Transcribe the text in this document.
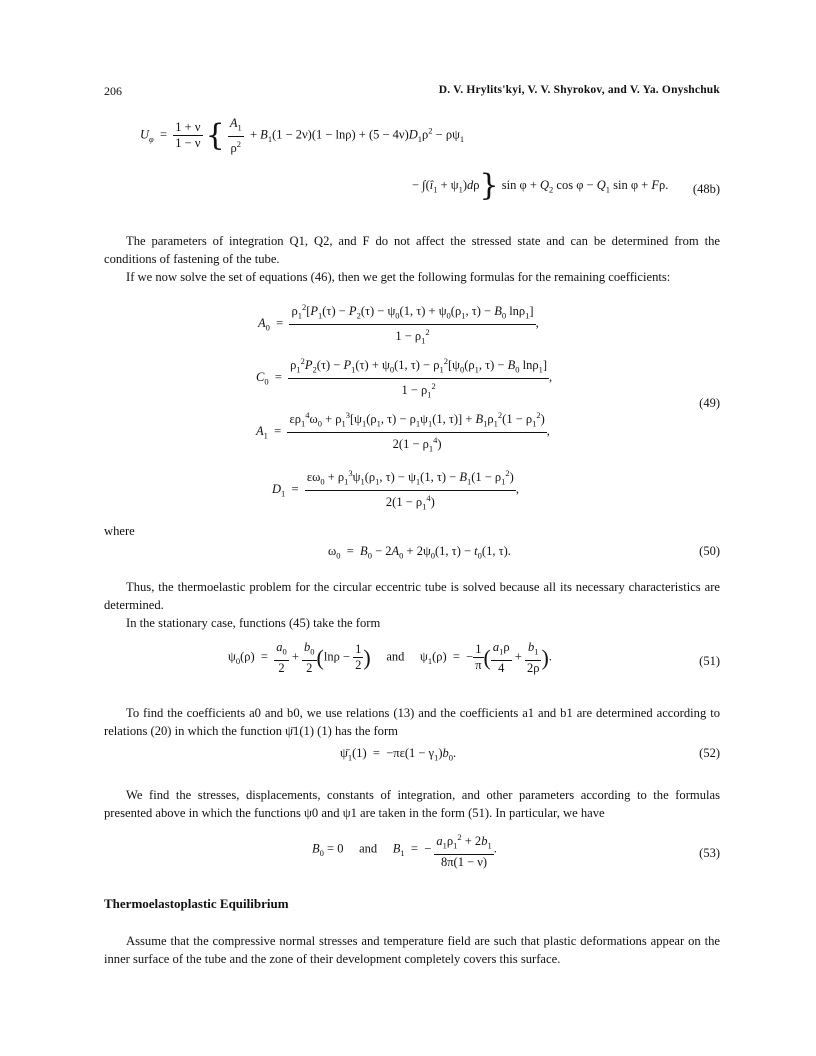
206	D. V. Hrylits'kyi, V. V. Shyrokov, and V. Ya. Onyshchuk
$U_\varphi = \frac{1 + \nu}{1 - \nu}$ { $\frac{A_1}{\rho^2} + B_1(1 - 2\nu)(1 - \ln\rho) + (5 - 4\nu)D_1\rho^2 - \rho\psi_1$
− $\int(î_1 + \psi_1)d\rho$} $\sin \varphi + Q_2$ $\cos \varphi - Q_1$ sin φ + Fρ. (48b)
The parameters of integration Q1, Q2, and F do not affect the stressed state and can be determined from the conditions of fastening of the tube.
If we now solve the set of equations (46), then we get the following formulas for the remaining coefficients:
$A_0 = \frac{\rho_1^2[P_1(\tau) - P_2(\tau) - \psi_0(1, \tau) + \psi_0(\rho_1, \tau) - B_0 \ln\rho_1]}{1 - \rho_1^2}$ ,
$C_0 = \frac{\rho_1^2P_2(\tau) - P_1(\tau) + \psi_0(1, \tau) - \rho_1^2[\psi_0(\rho_1, \tau) - B_0 \ln\rho_1]}{1 - \rho_1^2}$ ,
(49)
$A_1 = \frac{\varepsilon\rho_1^4\omega_0 + \rho_1^3[\psi_1(\rho_1, \tau) - \rho_1\psi_1(1, \tau)] + B_1\rho_1^2(1 - \rho_1^2)}{2(1 - \rho_1^4)}$ ,
$D_1 = \frac{\varepsilon\omega_0 + \rho_1^3\psi_1(\rho_1, \tau) - \psi_1(1, \tau) - B_1(1 - \rho_1^2)}{2(1 - \rho_1^4)}$ ,
where
$\omega_0 = B_0 - 2A_0 + 2\psi_0(1$, $\tau) - t_0(1$, τ).	(50)
Thus, the thermoelastic problem for the circular eccentric tube is solved because all its necessary characteristics are determined.
In the stationary case, functions (45) take the form
$\psi_0(\rho) = \frac{a_0}{2} + \frac{b_0}{2} (\ln\rho - \frac{1}{2}$ )     and     $\psi_1(\rho)$  =  − $\frac{1}{\pi}$ ( $\frac{a_1\rho}{4} + \frac{b_1}{2\rho}$ ).	(51)
To find the coefficients a0 and b0, we use relations (13) and the coefficients a1 and b1 are determined according to relations (20) in which the function ψ̄1(1) (1) has the form
$\psī_1(1) = -\pi\varepsilon(1 - \gamma_1)b_0$.	(52)
We find the stresses, displacements, constants of integration, and other parameters according to the formulas presented above in which the functions ψ0 and ψ1 are taken in the form (51). In particular, we have
$B_0 = 0$     and     $B_1$  =  − $\frac{a_1\rho_1^2 + 2b_1}{8\pi(1 - \nu)}$ .	(53)
Thermoelastoplastic Equilibrium
Assume that the compressive normal stresses and temperature field are such that plastic deformations appear on the inner surface of the tube and the zone of their development completely covers this surface.
